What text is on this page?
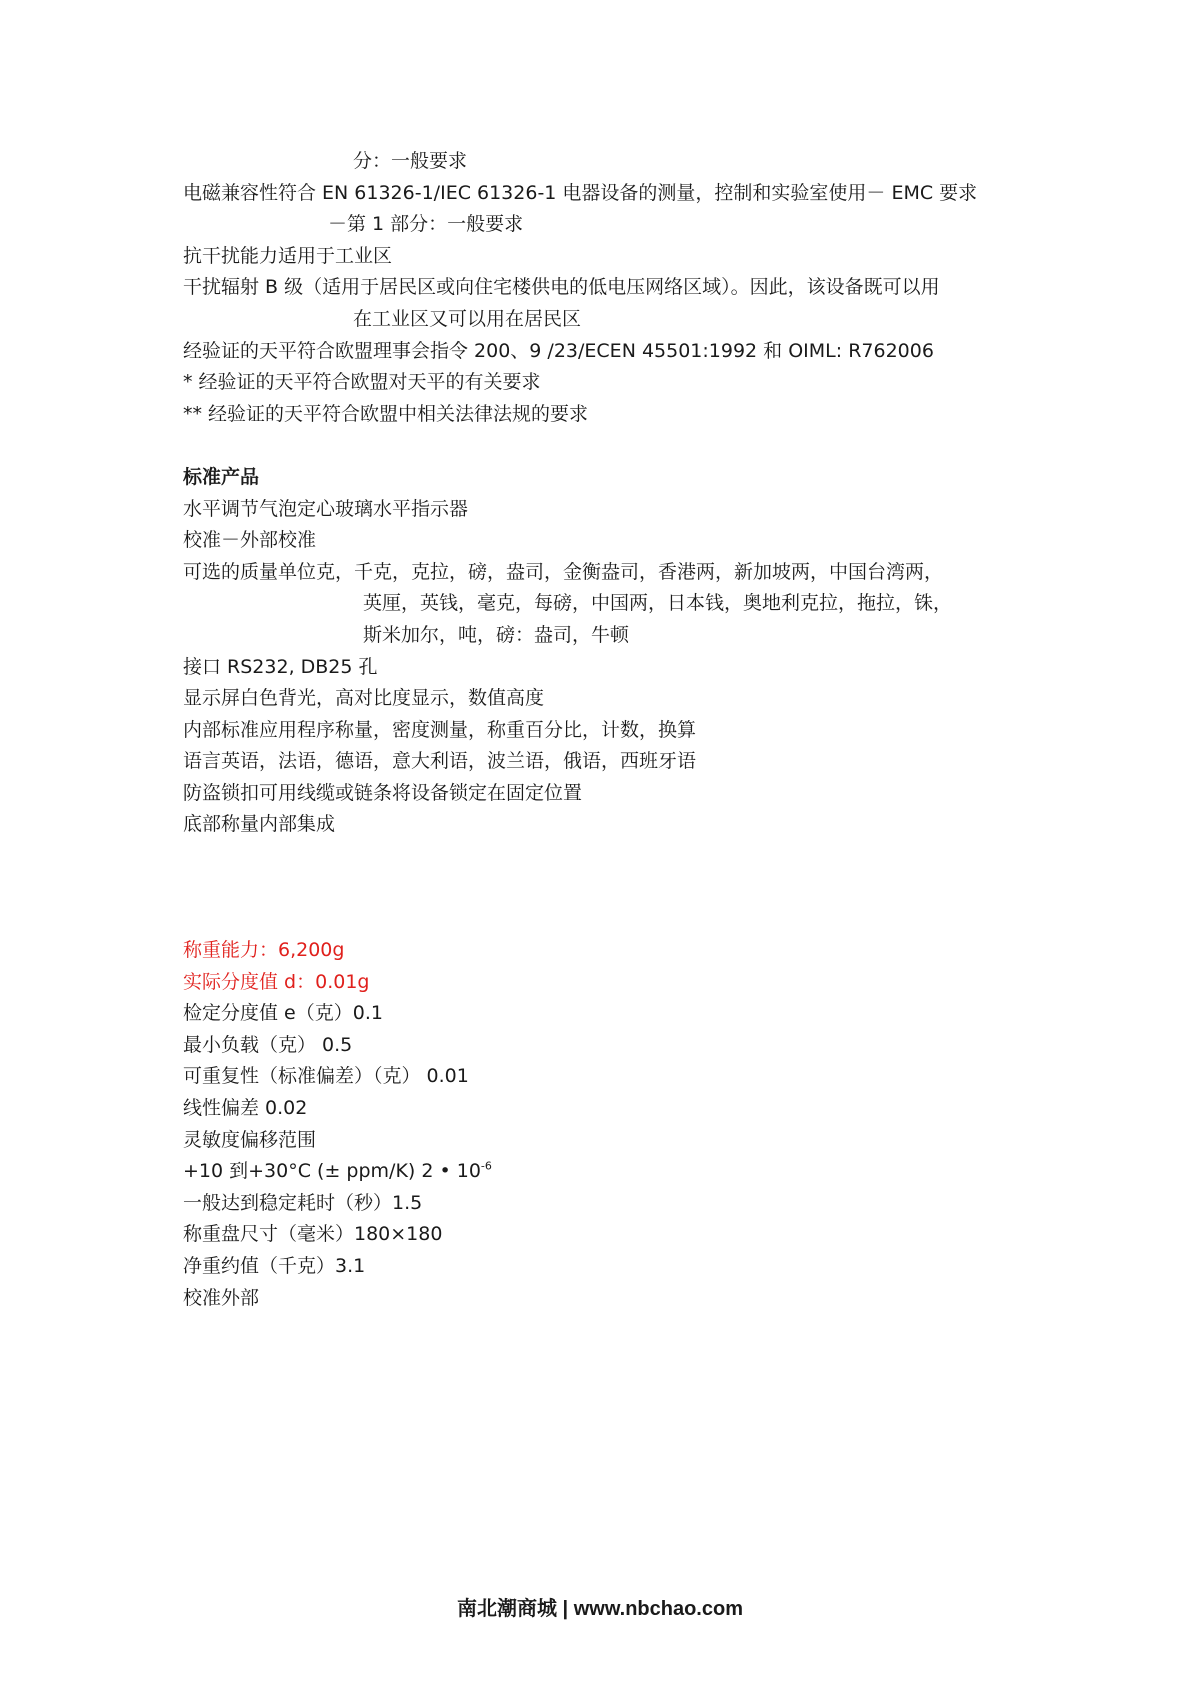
分：一般要求
电磁兼容性符合 EN 61326-1/IEC 61326-1 电器设备的测量，控制和实验室使用－ EMC 要求
－第 1 部分：一般要求
抗干扰能力适用于工业区
干扰辐射 B 级（适用于居民区或向住宅楼供电的低电压网络区域）。因此，该设备既可以用
在工业区又可以用在居民区
经验证的天平符合欧盟理事会指令 200、9 /23/ECEN 45501:1992 和 OIML: R762006
* 经验证的天平符合欧盟对天平的有关要求
** 经验证的天平符合欧盟中相关法律法规的要求
标准产品
水平调节气泡定心玻璃水平指示器
校准－外部校准
可选的质量单位克，千克，克拉，磅，盎司，金衡盎司，香港两，新加坡两，中国台湾两，
英厘，英钱，毫克，每磅，中国两，日本钱，奥地利克拉，拖拉，铢，
斯米加尔，吨，磅：盎司，牛顿
接口 RS232, DB25 孔
显示屏白色背光，高对比度显示，数值高度
内部标准应用程序称量，密度测量，称重百分比，计数，换算
语言英语，法语，德语，意大利语，波兰语，俄语，西班牙语
防盗锁扣可用线缆或链条将设备锁定在固定位置
底部称量内部集成
称重能力：6,200g
实际分度值 d：0.01g
检定分度值 e（克）0.1
最小负载（克） 0.5
可重复性（标准偏差）（克） 0.01
线性偏差 0.02
灵敏度偏移范围
+10 到+30°C (± ppm/K) 2 • $10^{-6}$
一般达到稳定耗时（秒）1.5
称重盘尺寸（毫米）180×180
净重约值（千克）3.1
校准外部
南北潮商城 | www.nbchao.com
